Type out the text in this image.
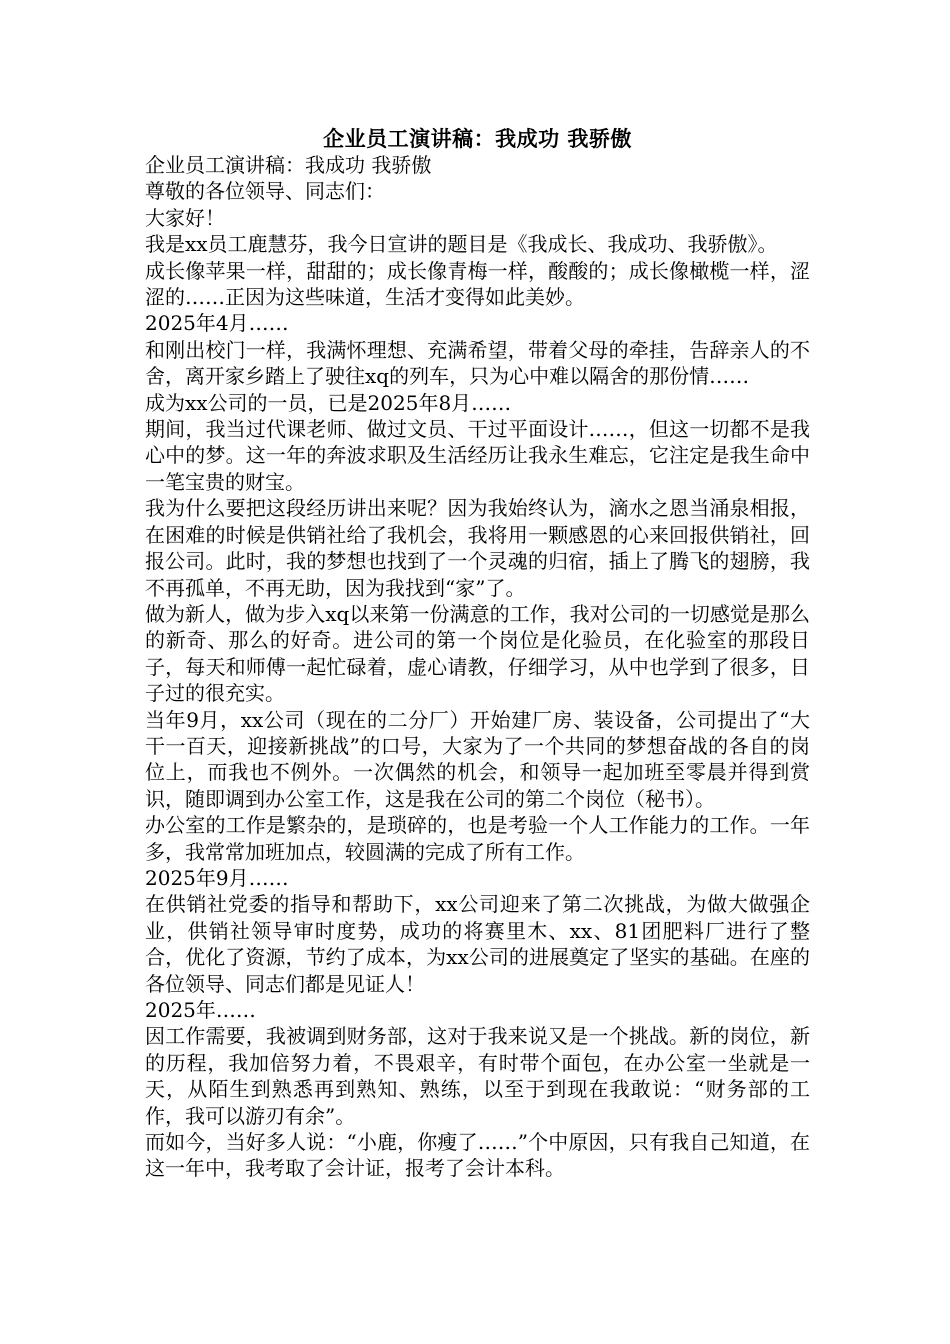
企业员工演讲稿：我成功 我骄傲

企业员工演讲稿：我成功 我骄傲

尊敬的各位领导、同志们：

大家好！

我是xx员工鹿慧芬，我今日宣讲的题目是《我成长、我成功、我骄傲》。

成长像苹果一样，甜甜的；成长像青梅一样，酸酸的；成长像橄榄一样，涩涩的……正因为这些味道，生活才变得如此美妙。

2025年4月……

和刚出校门一样，我满怀理想、充满希望，带着父母的牵挂，告辞亲人的不舍，离开家乡踏上了驶往xq的列车，只为心中难以隔舍的那份情……

成为xx公司的一员，已是2025年8月……

期间，我当过代课老师、做过文员、干过平面设计……，但这一切都不是我心中的梦。这一年的奔波求职及生活经历让我永生难忘，它注定是我生命中一笔宝贵的财宝。

我为什么要把这段经历讲出来呢？因为我始终认为，滴水之恩当涌泉相报，在困难的时候是供销社给了我机会，我将用一颗感恩的心来回报供销社，回报公司。此时，我的梦想也找到了一个灵魂的归宿，插上了腾飞的翅膀，我不再孤单，不再无助，因为我找到“家”了。

做为新人，做为步入xq以来第一份满意的工作，我对公司的一切感觉是那么的新奇、那么的好奇。进公司的第一个岗位是化验员，在化验室的那段日子，每天和师傅一起忙碌着，虚心请教，仔细学习，从中也学到了很多，日子过的很充实。

当年9月，xx公司（现在的二分厂）开始建厂房、装设备，公司提出了“大干一百天，迎接新挑战”的口号，大家为了一个共同的梦想奋战的各自的岗位上，而我也不例外。一次偶然的机会，和领导一起加班至零晨并得到赏识，随即调到办公室工作，这是我在公司的第二个岗位（秘书）。

办公室的工作是繁杂的，是琐碎的，也是考验一个人工作能力的工作。一年多，我常常加班加点，较圆满的完成了所有工作。

2025年9月……

在供销社党委的指导和帮助下，xx公司迎来了第二次挑战，为做大做强企业，供销社领导审时度势，成功的将赛里木、xx、81团肥料厂进行了整合，优化了资源，节约了成本，为xx公司的进展奠定了坚实的基础。在座的各位领导、同志们都是见证人！

2025年……

因工作需要，我被调到财务部，这对于我来说又是一个挑战。新的岗位，新的历程，我加倍努力着，不畏艰辛，有时带个面包，在办公室一坐就是一天，从陌生到熟悉再到熟知、熟练，以至于到现在我敢说：“财务部的工作，我可以游刃有余”。

而如今，当好多人说：“小鹿，你瘦了……”个中原因，只有我自己知道，在这一年中，我考取了会计证，报考了会计本科。
